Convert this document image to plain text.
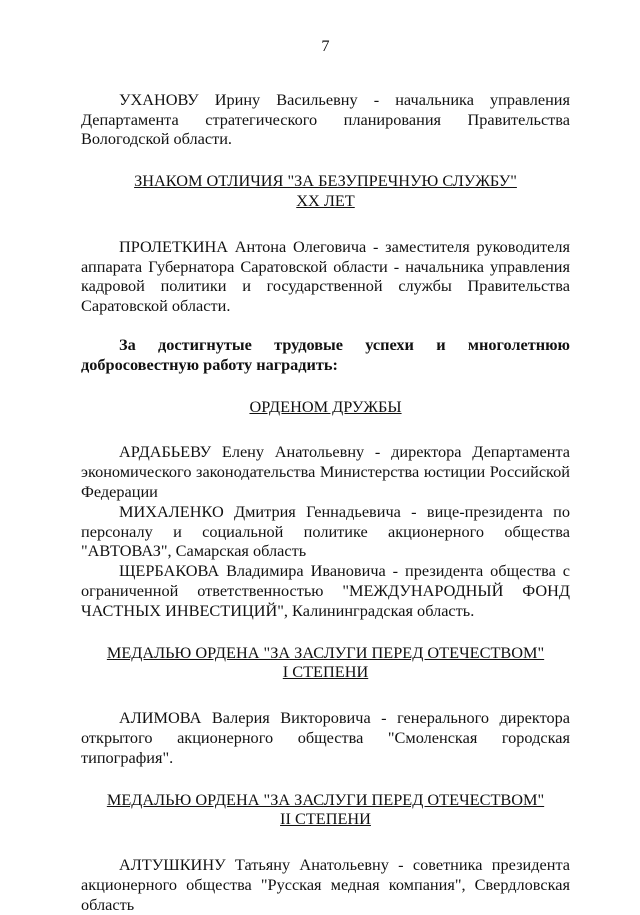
7
УХАНОВУ Ирину Васильевну - начальника управления Департамента стратегического планирования Правительства Вологодской области.
ЗНАКОМ ОТЛИЧИЯ "ЗА БЕЗУПРЕЧНУЮ СЛУЖБУ"
XX ЛЕТ
ПРОЛЕТКИНА Антона Олеговича - заместителя руководителя аппарата Губернатора Саратовской области - начальника управления кадровой политики и государственной службы Правительства Саратовской области.
За достигнутые трудовые успехи и многолетнюю добросовестную работу наградить:
ОРДЕНОМ ДРУЖБЫ
АРДАБЬЕВУ Елену Анатольевну - директора Департамента экономического законодательства Министерства юстиции Российской Федерации
МИХАЛЕНКО Дмитрия Геннадьевича - вице-президента по персоналу и социальной политике акционерного общества "АВТОВАЗ", Самарская область
ЩЕРБАКОВА Владимира Ивановича - президента общества с ограниченной ответственностью "МЕЖДУНАРОДНЫЙ ФОНД ЧАСТНЫХ ИНВЕСТИЦИЙ", Калининградская область.
МЕДАЛЬЮ ОРДЕНА "ЗА ЗАСЛУГИ ПЕРЕД ОТЕЧЕСТВОМ"
I СТЕПЕНИ
АЛИМОВА Валерия Викторовича - генерального директора открытого акционерного общества "Смоленская городская типография".
МЕДАЛЬЮ ОРДЕНА "ЗА ЗАСЛУГИ ПЕРЕД ОТЕЧЕСТВОМ"
II СТЕПЕНИ
АЛТУШКИНУ Татьяну Анатольевну - советника президента акционерного общества "Русская медная компания", Свердловская область
